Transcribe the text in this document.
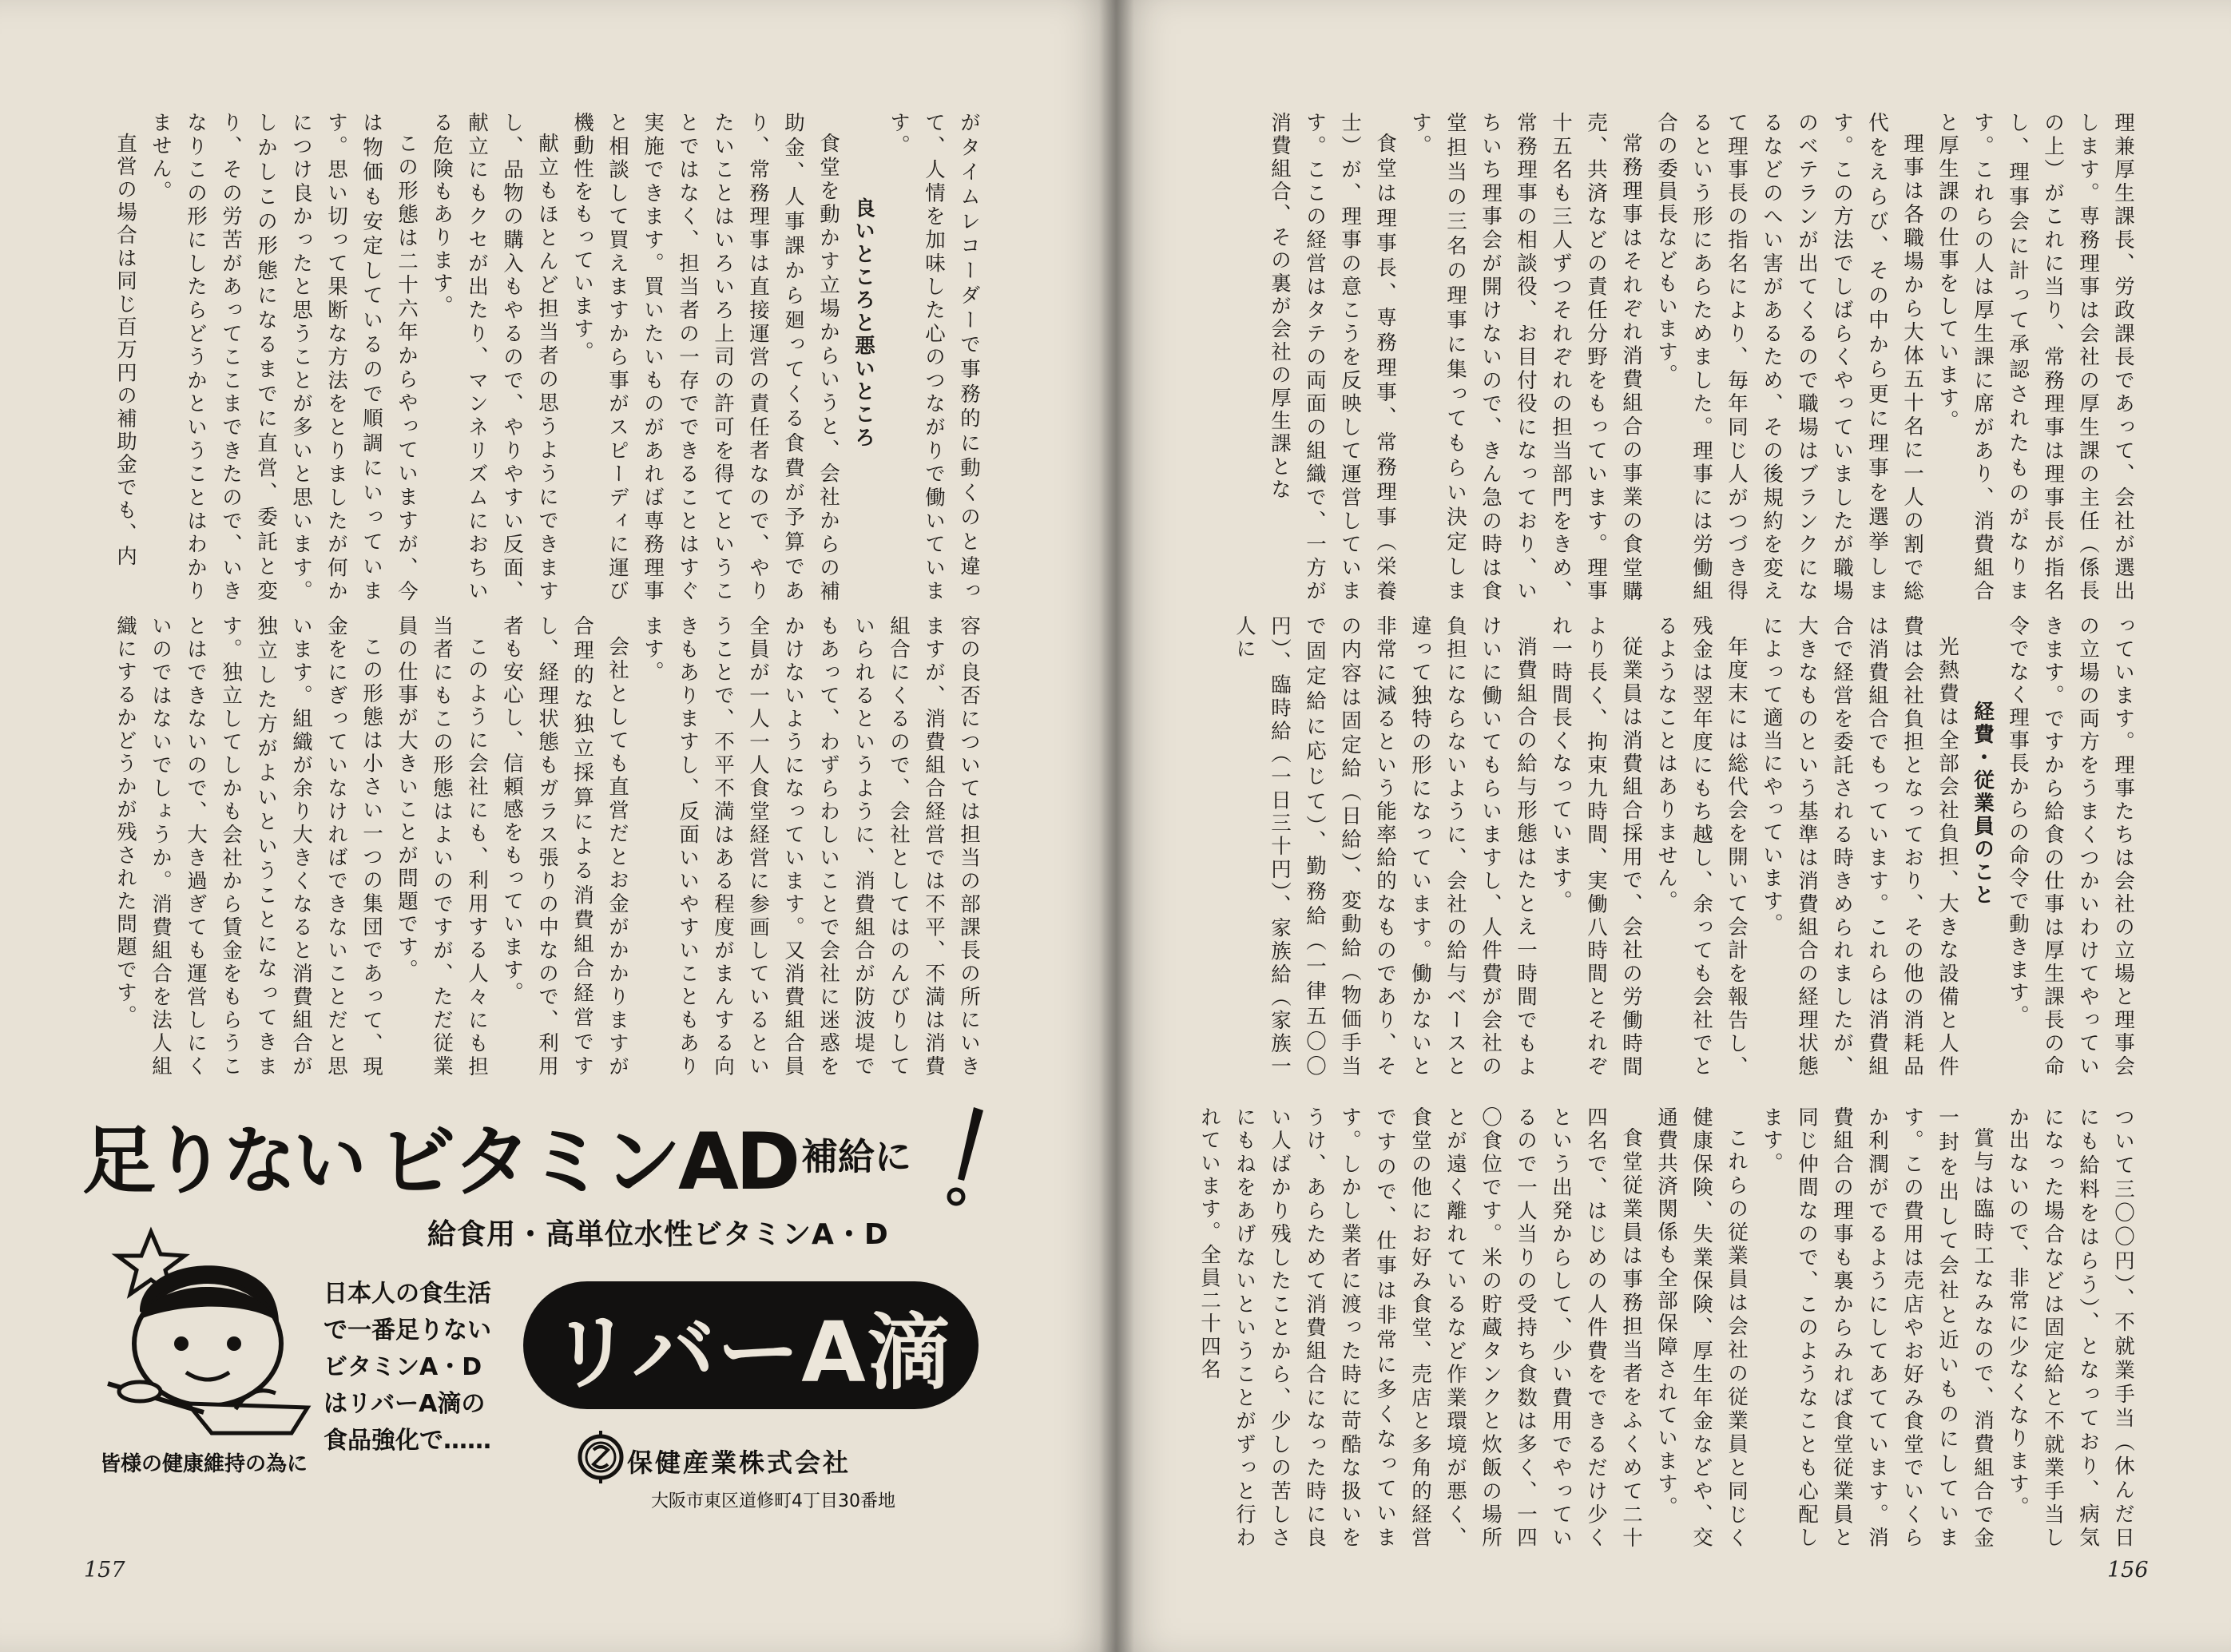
がタイムレコーダーで事務的に動くのと違って、人情を加味した心のつながりで働いています。

良いところと悪いところ

食堂を動かす立場からいうと、会社からの補助金、人事課から廻ってくる食費が予算であり、常務理事は直接運営の責任者なので、やりたいことはいろいろ上司の許可を得てということではなく、担当者の一存でできることはすぐ実施できます。買いたいものがあれば専務理事と相談して買えますから事がスピーディに運び機動性をもっています。

献立もほとんど担当者の思うようにできますし、品物の購入もやるので、やりやすい反面、献立にもクセが出たり、マンネリズムにおちいる危険もあります。

この形態は二十六年からやっていますが、今は物価も安定しているので順調にいっています。思い切って果断な方法をとりましたが何かにつけ良かったと思うことが多いと思います。しかしこの形態になるまでに直営、委託と変り、その労苦があってここまできたので、いきなりこの形にしたらどうかということはわかりません。

直営の場合は同じ百万円の補助金でも、内

容の良否については担当の部課長の所にいきますが、消費組合経営では不平、不満は消費組合にくるので、会社としてはのんびりしていられるというように、消費組合が防波堤でもあって、わずらわしいことで会社に迷惑をかけないようになっています。又消費組合員全員が一人一人食堂経営に参画しているということで、不平不満はある程度がまんする向きもありますし、反面いいやすいこともあります。

会社としても直営だとお金がかかりますが合理的な独立採算による消費組合経営ですし、経理状態もガラス張りの中なので、利用者も安心し、信頼感をもっています。

このように会社にも、利用する人々にも担当者にもこの形態はよいのですが、ただ従業員の仕事が大きいことが問題です。

この形態は小さい一つの集団であって、現金をにぎっていなければできないことだと思います。組織が余り大きくなると消費組合が独立した方がよいということになってきます。独立してしかも会社から賃金をもらうことはできないので、大き過ぎても運営しにくいのではないでしょうか。消費組合を法人組織にするかどうかが残された問題です。

足りない ビタミンAD 補給に
給食用・高単位水性ビタミンA・D
日本人の食生活
で一番足りない
ビタミンA・D
はリバーA滴の
食品強化で……
リバーA滴
皆様の健康維持の為に	保健産業株式会社
大阪市東区道修町4丁目30番地
157

理兼厚生課長、労政課長であって、会社が選出します。専務理事は会社の厚生課の主任（係長の上）がこれに当り、常務理事は理事長が指名し、理事会に計って承認されたものがなります。これらの人は厚生課に席があり、消費組合と厚生課の仕事をしています。

理事は各職場から大体五十名に一人の割で総代をえらび、その中から更に理事を選挙します。この方法でしばらくやっていましたが職場のベテランが出てくるので職場はブランクになるなどのへい害があるため、その後規約を変えて理事長の指名により、毎年同じ人がつづき得るという形にあらためました。理事には労働組合の委員長などもいます。

常務理事はそれぞれ消費組合の事業の食堂購売、共済などの責任分野をもっています。理事十五名も三人ずつそれぞれの担当部門をきめ、常務理事の相談役、お目付役になっており、いちいち理事会が開けないので、きん急の時は食堂担当の三名の理事に集ってもらい決定します。

食堂は理事長、専務理事、常務理事（栄養士）が、理事の意こうを反映して運営しています。ここの経営はタテの両面の組織で、一方が消費組合、その裏が会社の厚生課とな

っています。理事たちは会社の立場と理事会の立場の両方をうまくつかいわけてやっていきます。ですから給食の仕事は厚生課長の命令でなく理事長からの命令で動きます。

経費・従業員のこと

光熱費は全部会社負担、大きな設備と人件費は会社負担となっており、その他の消耗品は消費組合でもっています。これらは消費組合で経営を委託される時きめられましたが、大きなものという基準は消費組合の経理状態によって適当にやっています。

年度末には総代会を開いて会計を報告し、残金は翌年度にもち越し、余っても会社でとるようなことはありません。

従業員は消費組合採用で、会社の労働時間より長く、拘束九時間、実働八時間とそれぞれ一時間長くなっています。

消費組合の給与形態はたとえ一時間でもよけいに働いてもらいますし、人件費が会社の負担にならないように、会社の給与ベースと違って独特の形になっています。働かないと非常に減るという能率給的なものであり、その内容は固定給（日給）、変動給（物価手当で固定給に応じて）、勤務給（一律五〇〇円）、臨時給（一日三十円）、家族給（家族一人に

ついて三〇〇円）、不就業手当（休んだ日にも給料をはらう）、となっており、病気になった場合などは固定給と不就業手当しか出ないので、非常に少なくなります。

賞与は臨時工なみなので、消費組合で金一封を出して会社と近いものにしています。この費用は売店やお好み食堂でいくらか利潤がでるようにしてあてています。消費組合の理事も裏からみれば食堂従業員と同じ仲間なので、このようなことも心配します。

これらの従業員は会社の従業員と同じく健康保険、失業保険、厚生年金などや、交通費共済関係も全部保障されています。

食堂従業員は事務担当者をふくめて二十四名で、はじめの人件費をできるだけ少くという出発からして、少い費用でやっているので一人当りの受持ち食数は多く、一四〇食位です。米の貯蔵タンクと炊飯の場所とが遠く離れているなど作業環境が悪く、食堂の他にお好み食堂、売店と多角的経営ですので、仕事は非常に多くなっています。しかし業者に渡った時に苛酷な扱いをうけ、あらためて消費組合になった時に良い人ばかり残したことから、少しの苦しさにもねをあげないということがずっと行われています。全員二十四名

156
